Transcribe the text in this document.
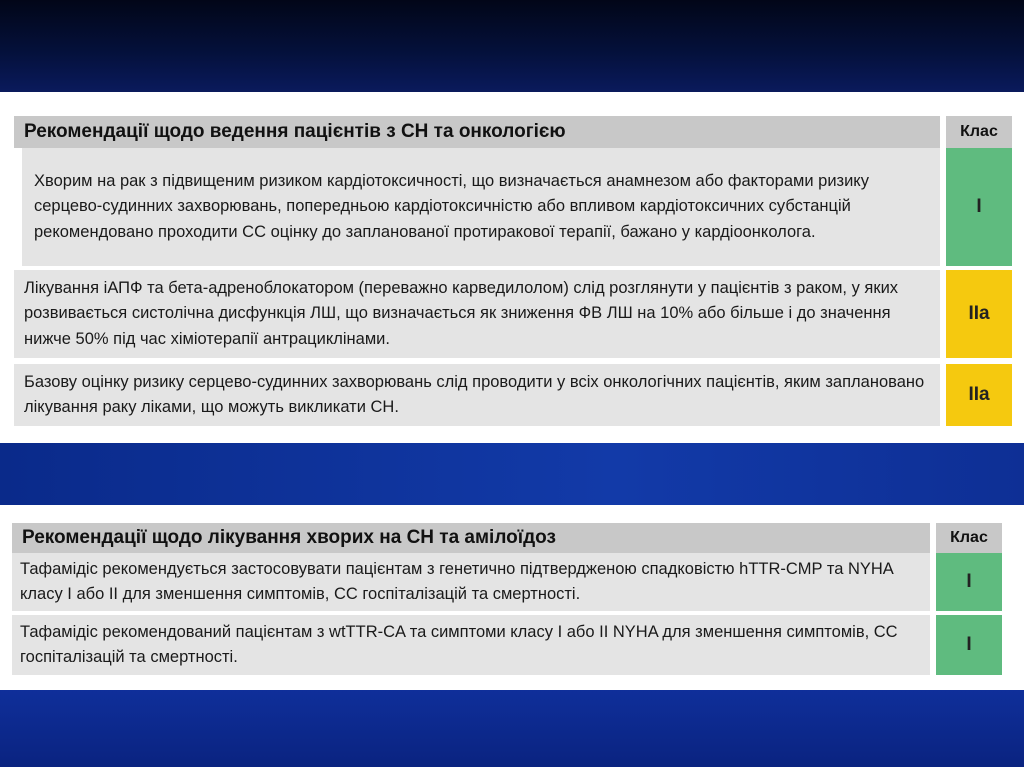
Рекомендації щодо ведення пацієнтів з СН та онкологією	Клас
Хворим на рак з підвищеним ризиком кардіотоксичності, що визначається анамнезом або факторами ризику серцево-судинних захворювань, попередньою кардіотоксичністю або впливом кардіотоксичних субстанцій рекомендовано проходити СС оцінку до запланованої протиракової терапії, бажано у кардіоонколога.
I
Лікування іАПФ та бета-адреноблокатором (переважно карведилолом) слід розглянути у пацієнтів з раком, у яких розвивається систолічна дисфункція ЛШ, що визначається як зниження ФВ ЛШ на 10% або більше і до значення нижче 50% під час хіміотерапії антрациклінами.
IIa
Базову оцінку ризику серцево-судинних захворювань слід проводити у всіх онкологічних пацієнтів, яким заплановано лікування раку ліками, що можуть викликати СН.
IIa
Рекомендації щодо лікування хворих на СН та амілоїдоз	Клас
Тафамідіс рекомендується застосовувати пацієнтам з генетично підтвердженою спадковістю hTTR-CMP та NYHA класу I або II для зменшення симптомів, СС госпіталізацій та смертності.
I
Тафамідіс рекомендований пацієнтам з wtTTR-CA та симптоми класу I або II NYHA для зменшення симптомів, СС госпіталізацій та смертності.
I
